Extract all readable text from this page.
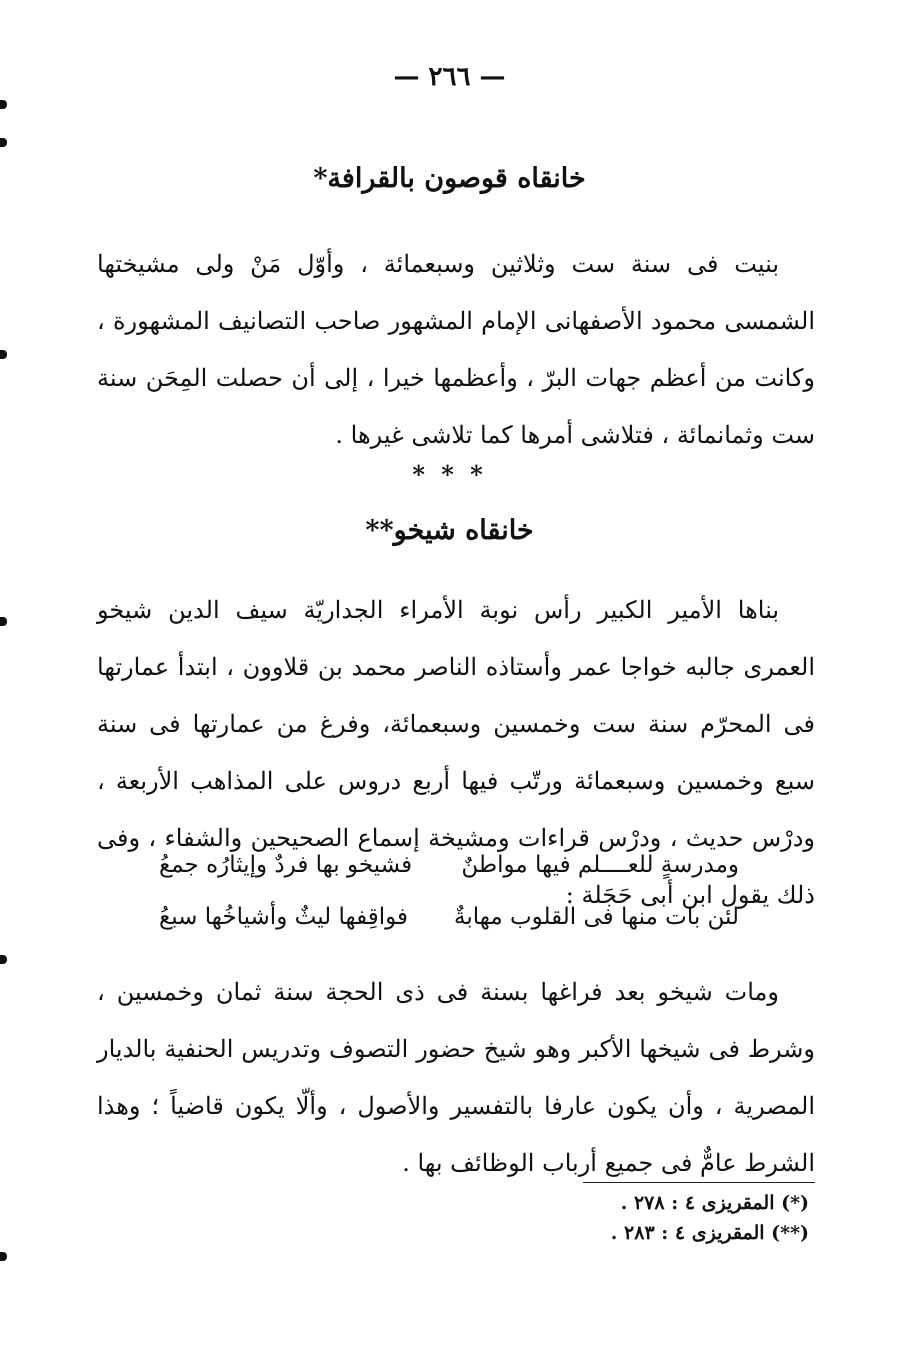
— ٢٦٦ —
خانقاه قوصون بالقرافة*
بنيت فى سنة ست وثلاثين وسبعمائة ، وأوّل مَنْ ولى مشيختها الشمسى محمود الأصفهانى الإمام المشهور صاحب التصانيف المشهورة ، وكانت من أعظم جهات البرّ ، وأعظمها خيرا ، إلى أن حصلت المِحَن سنة ست وثمانمائة ، فتلاشى أمرها كما تلاشى غيرها .
* * *
خانقاه شيخو**
بناها الأمير الكبير رأس نوبة الأمراء الجداريّة سيف الدين شيخو العمرى جالبه خواجا عمر وأستاذه الناصر محمد بن قلاوون ، ابتدأ عمارتها فى المحرّم سنة ست وخمسين وسبعمائة، وفرغ من عمارتها فى سنة سبع وخمسين وسبعمائة ورتّب فيها أربع دروس على المذاهب الأربعة ، ودرْس حديث ، ودرْس قراءات ومشيخة إسماع الصحيحين والشفاء ، وفى ذلك يقول ابن أبى حَجَلة :
ومدرسةٍ للعــــلم فيها مواطنٌ
فشيخو بها فردٌ وإيثارُه جمعُ
لئن بات منها فى القلوب مهابةٌ
فواقِفها ليثٌ وأشياخُها سبعُ
ومات شيخو بعد فراغها بسنة فى ذى الحجة سنة ثمان وخمسين ، وشرط فى شيخها الأكبر وهو شيخ حضور التصوف وتدريس الحنفية بالديار المصرية ، وأن يكون عارفا بالتفسير والأصول ، وألّا يكون قاضياً ؛ وهذا الشرط عامٌّ فى جميع أرباب الوظائف بها .
(*) المقريزى ٤ : ٢٧٨ .
(**) المقريزى ٤ : ٢٨٣ .
